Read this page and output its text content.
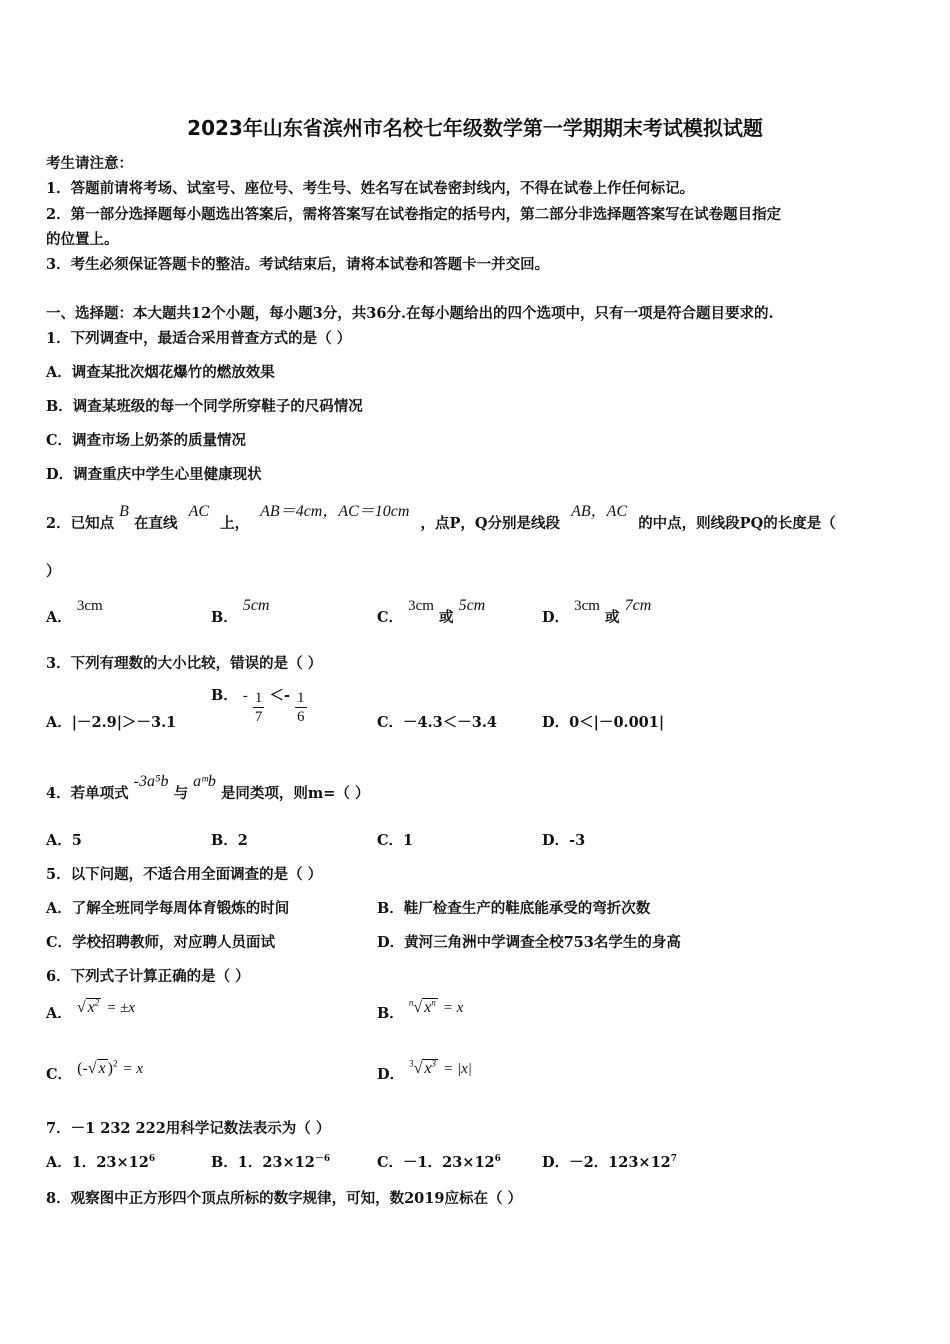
2023年山东省滨州市名校七年级数学第一学期期末考试模拟试题
考生请注意：
1．答题前请将考场、试室号、座位号、考生号、姓名写在试卷密封线内，不得在试卷上作任何标记。
2．第一部分选择题每小题选出答案后，需将答案写在试卷指定的括号内，第二部分非选择题答案写在试卷题目指定
的位置上。
3．考生必须保证答题卡的整洁。考试结束后，请将本试卷和答题卡一并交回。
一、选择题：本大题共12个小题，每小题3分，共36分.在每小题给出的四个选项中，只有一项是符合题目要求的.
1．下列调查中，最适合采用普查方式的是（ ）
A．调查某批次烟花爆竹的燃放效果
B．调查某班级的每一个同学所穿鞋子的尺码情况
C．调查市场上奶茶的质量情况
D．调查重庆中学生心里健康现状
2．已知点 B 在直线 AC 上， AB＝4cm，AC＝10cm ，点P，Q分别是线段 AB，AC 的中点，则线段PQ的长度是（
）
A． 3cm
B． 5cm
C． 3cm 或 5cm
D． 3cm 或 7cm
3．下列有理数的大小比较，错误的是（ ）
A．|－2.9|＞－3.1
B． - $\frac{1}{7} <- \frac{1}{6}$	C．－4.3＜－3.4	D．0＜|－0.001|
4．若单项式 -3a⁵b 与 aᵐb 是同类项，则m=（ ）
A．5	B．2	C．1	D．-3
5．以下问题，不适合用全面调查的是（ ）
A．了解全班同学每周体育锻炼的时间	B．鞋厂检查生产的鞋底能承受的弯折次数
C．学校招聘教师，对应聘人员面试	D．黄河三角洲中学调查全校753名学生的身高
6．下列式子计算正确的是（ ）
A． √ $x^2 = \pm x$	B． $^n$√ $x^n = x$
C． (-√ x )$^2$ = x	D． $^3$√ $x^3 = |x|$
7．－1 232 222用科学记数法表示为（ ）
A．1．$23\times 12^6$	B．1．$23\times 12^{-6}$	C．－1．$23\times 12^6$	D．－2．$123\times 12^7$
8．观察图中正方形四个顶点所标的数字规律，可知，数2019应标在（ ）
